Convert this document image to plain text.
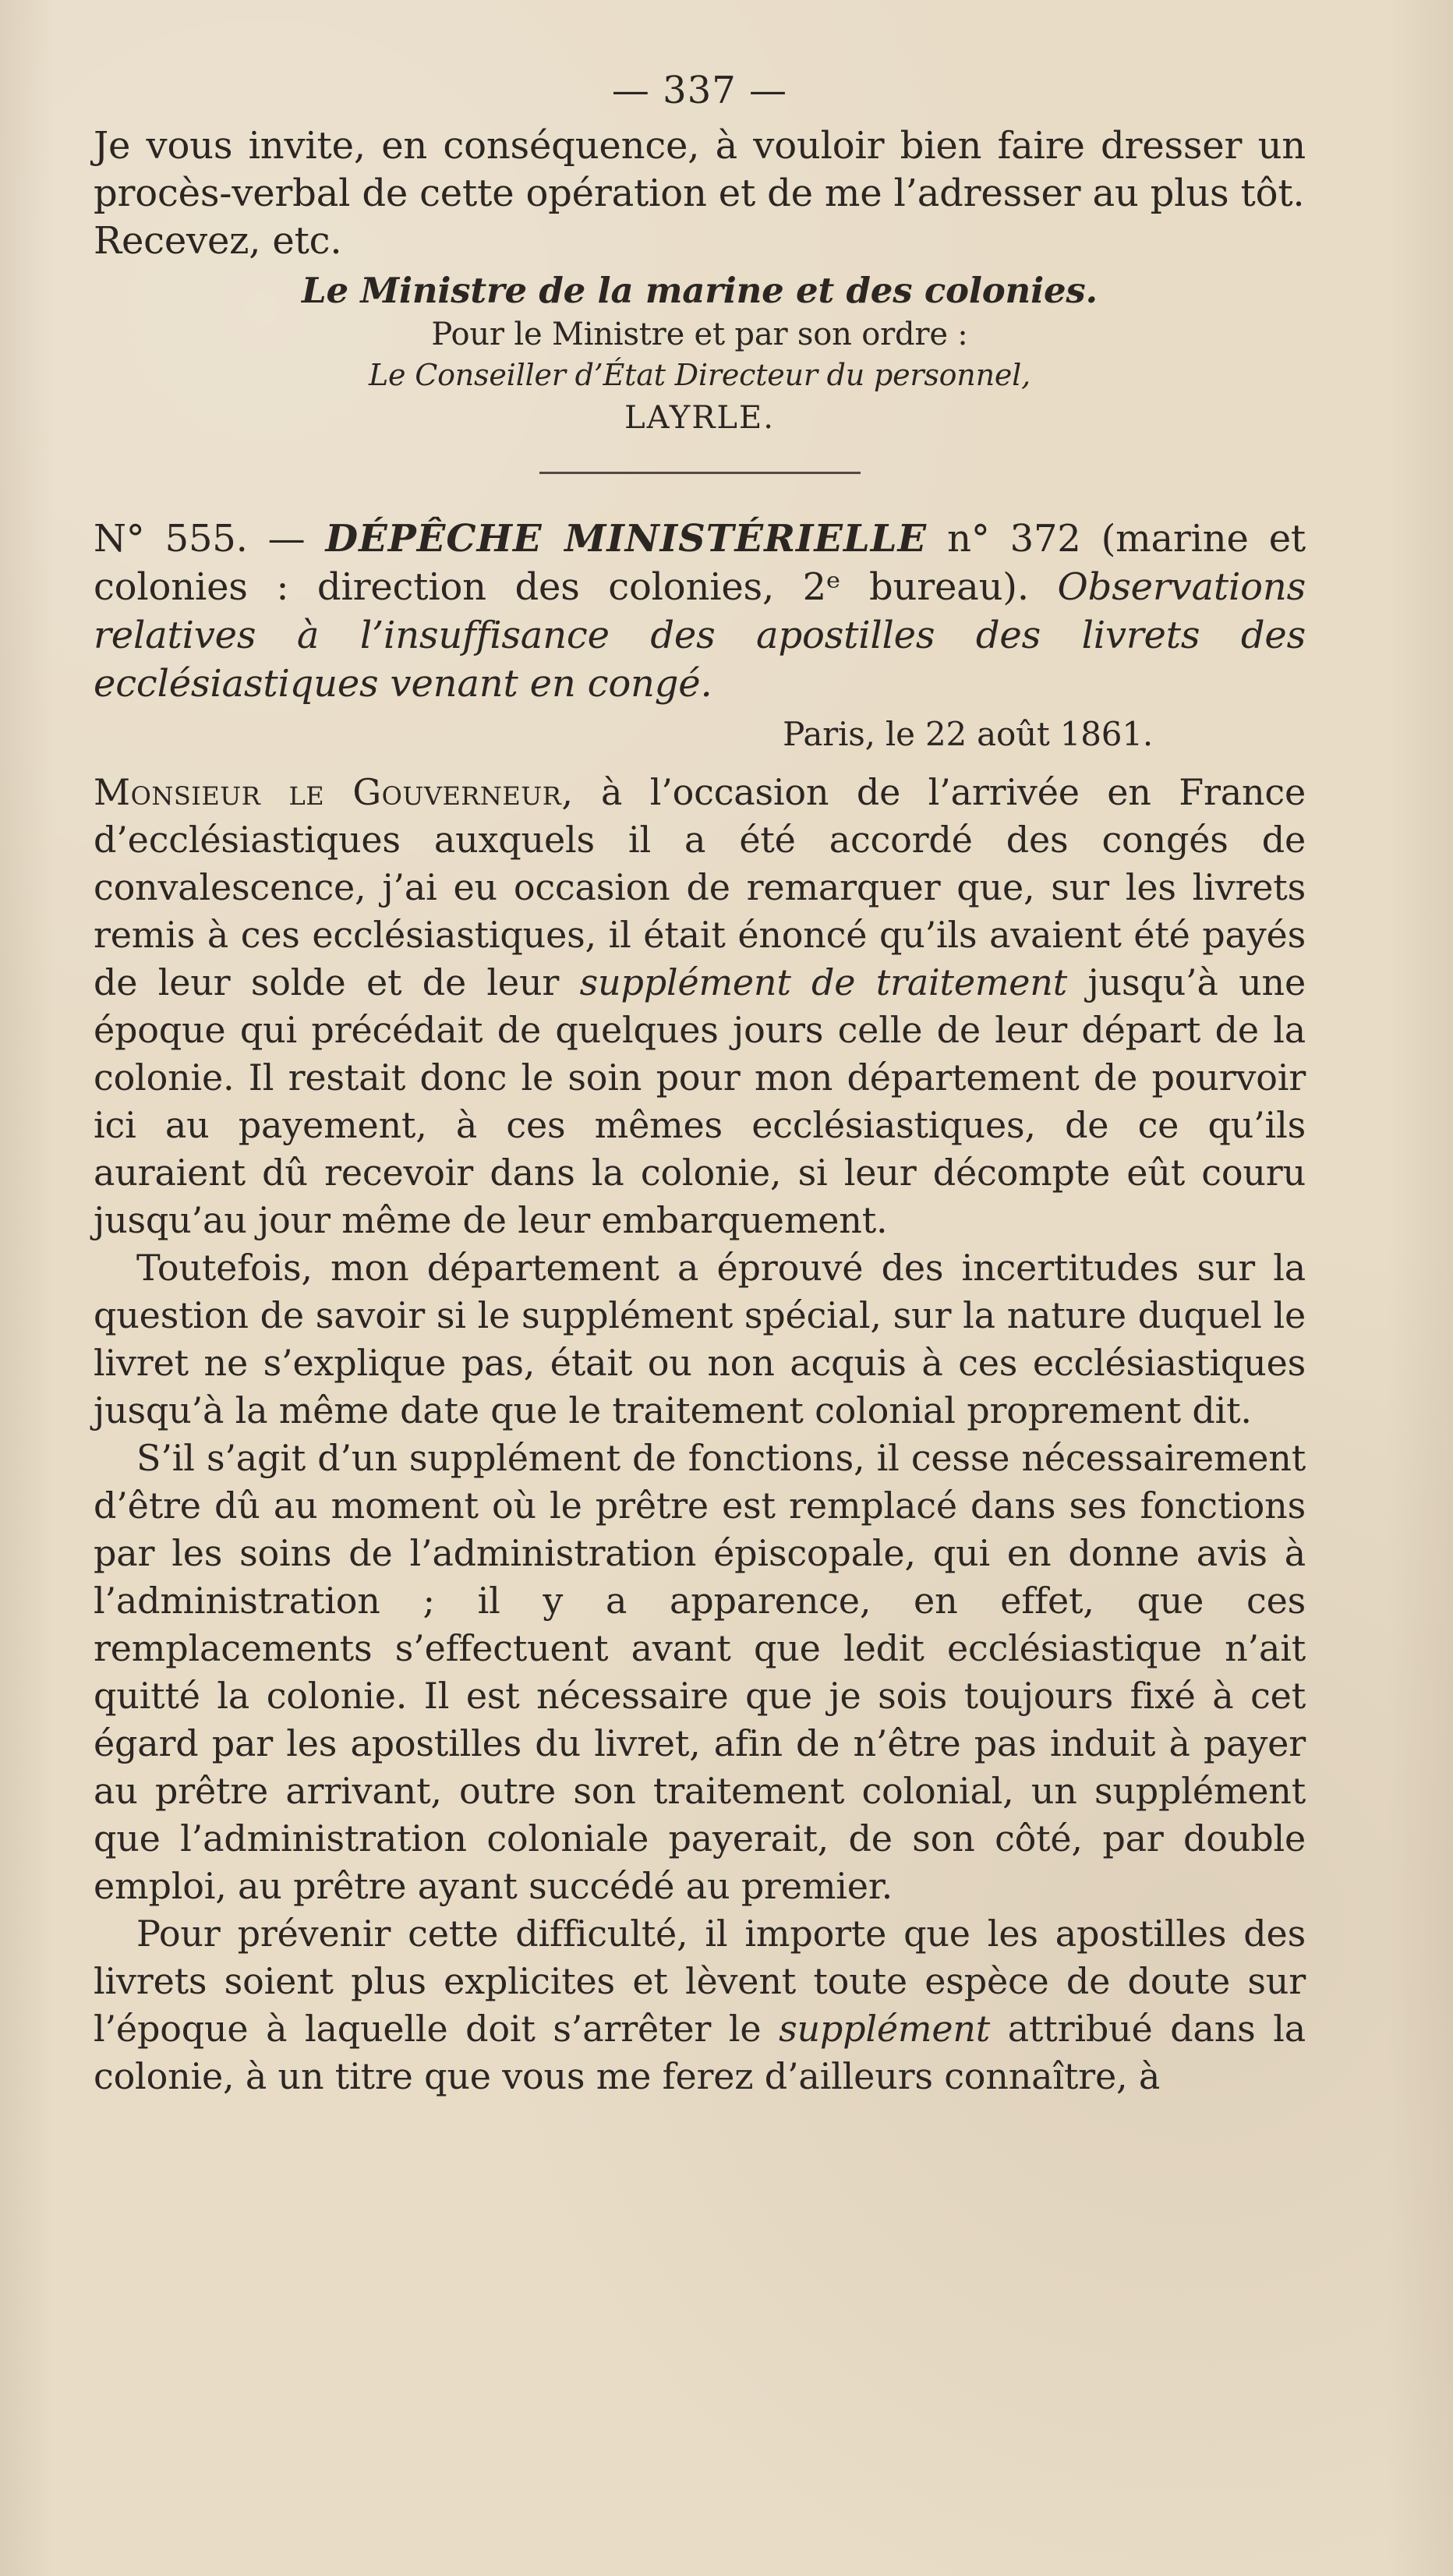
— 337 —

Je vous invite, en conséquence, à vouloir bien faire dresser un procès-verbal de cette opération et de me l’adresser au plus tôt.

Recevez, etc.

Le Ministre de la marine et des colonies.
Pour le Ministre et par son ordre :
Le Conseiller d’État Directeur du personnel,
LAYRLE.

N° 555. — DÉPÊCHE MINISTÉRIELLE n° 372 (marine et colonies : direction des colonies, 2ᵉ bureau). Observations relatives à l’insuffisance des apostilles des livrets des ecclésiastiques venant en congé.

Paris, le 22 août 1861.

Monsieur le Gouverneur, à l’occasion de l’arrivée en France d’ecclésiastiques auxquels il a été accordé des congés de convalescence, j’ai eu occasion de remarquer que, sur les livrets remis à ces ecclésiastiques, il était énoncé qu’ils avaient été payés de leur solde et de leur supplément de traitement jusqu’à une époque qui précédait de quelques jours celle de leur départ de la colonie. Il restait donc le soin pour mon département de pourvoir ici au payement, à ces mêmes ecclésiastiques, de ce qu’ils auraient dû recevoir dans la colonie, si leur décompte eût couru jusqu’au jour même de leur embarquement.

Toutefois, mon département a éprouvé des incertitudes sur la question de savoir si le supplément spécial, sur la nature duquel le livret ne s’explique pas, était ou non acquis à ces ecclésiastiques jusqu’à la même date que le traitement colonial proprement dit.

S’il s’agit d’un supplément de fonctions, il cesse nécessairement d’être dû au moment où le prêtre est remplacé dans ses fonctions par les soins de l’administration épiscopale, qui en donne avis à l’administration ; il y a apparence, en effet, que ces remplacements s’effectuent avant que ledit ecclésiastique n’ait quitté la colonie. Il est nécessaire que je sois toujours fixé à cet égard par les apostilles du livret, afin de n’être pas induit à payer au prêtre arrivant, outre son traitement colonial, un supplément que l’administration coloniale payerait, de son côté, par double emploi, au prêtre ayant succédé au premier.

Pour prévenir cette difficulté, il importe que les apostilles des livrets soient plus explicites et lèvent toute espèce de doute sur l’époque à laquelle doit s’arrêter le supplément attribué dans la colonie, à un titre que vous me ferez d’ailleurs connaître, à
